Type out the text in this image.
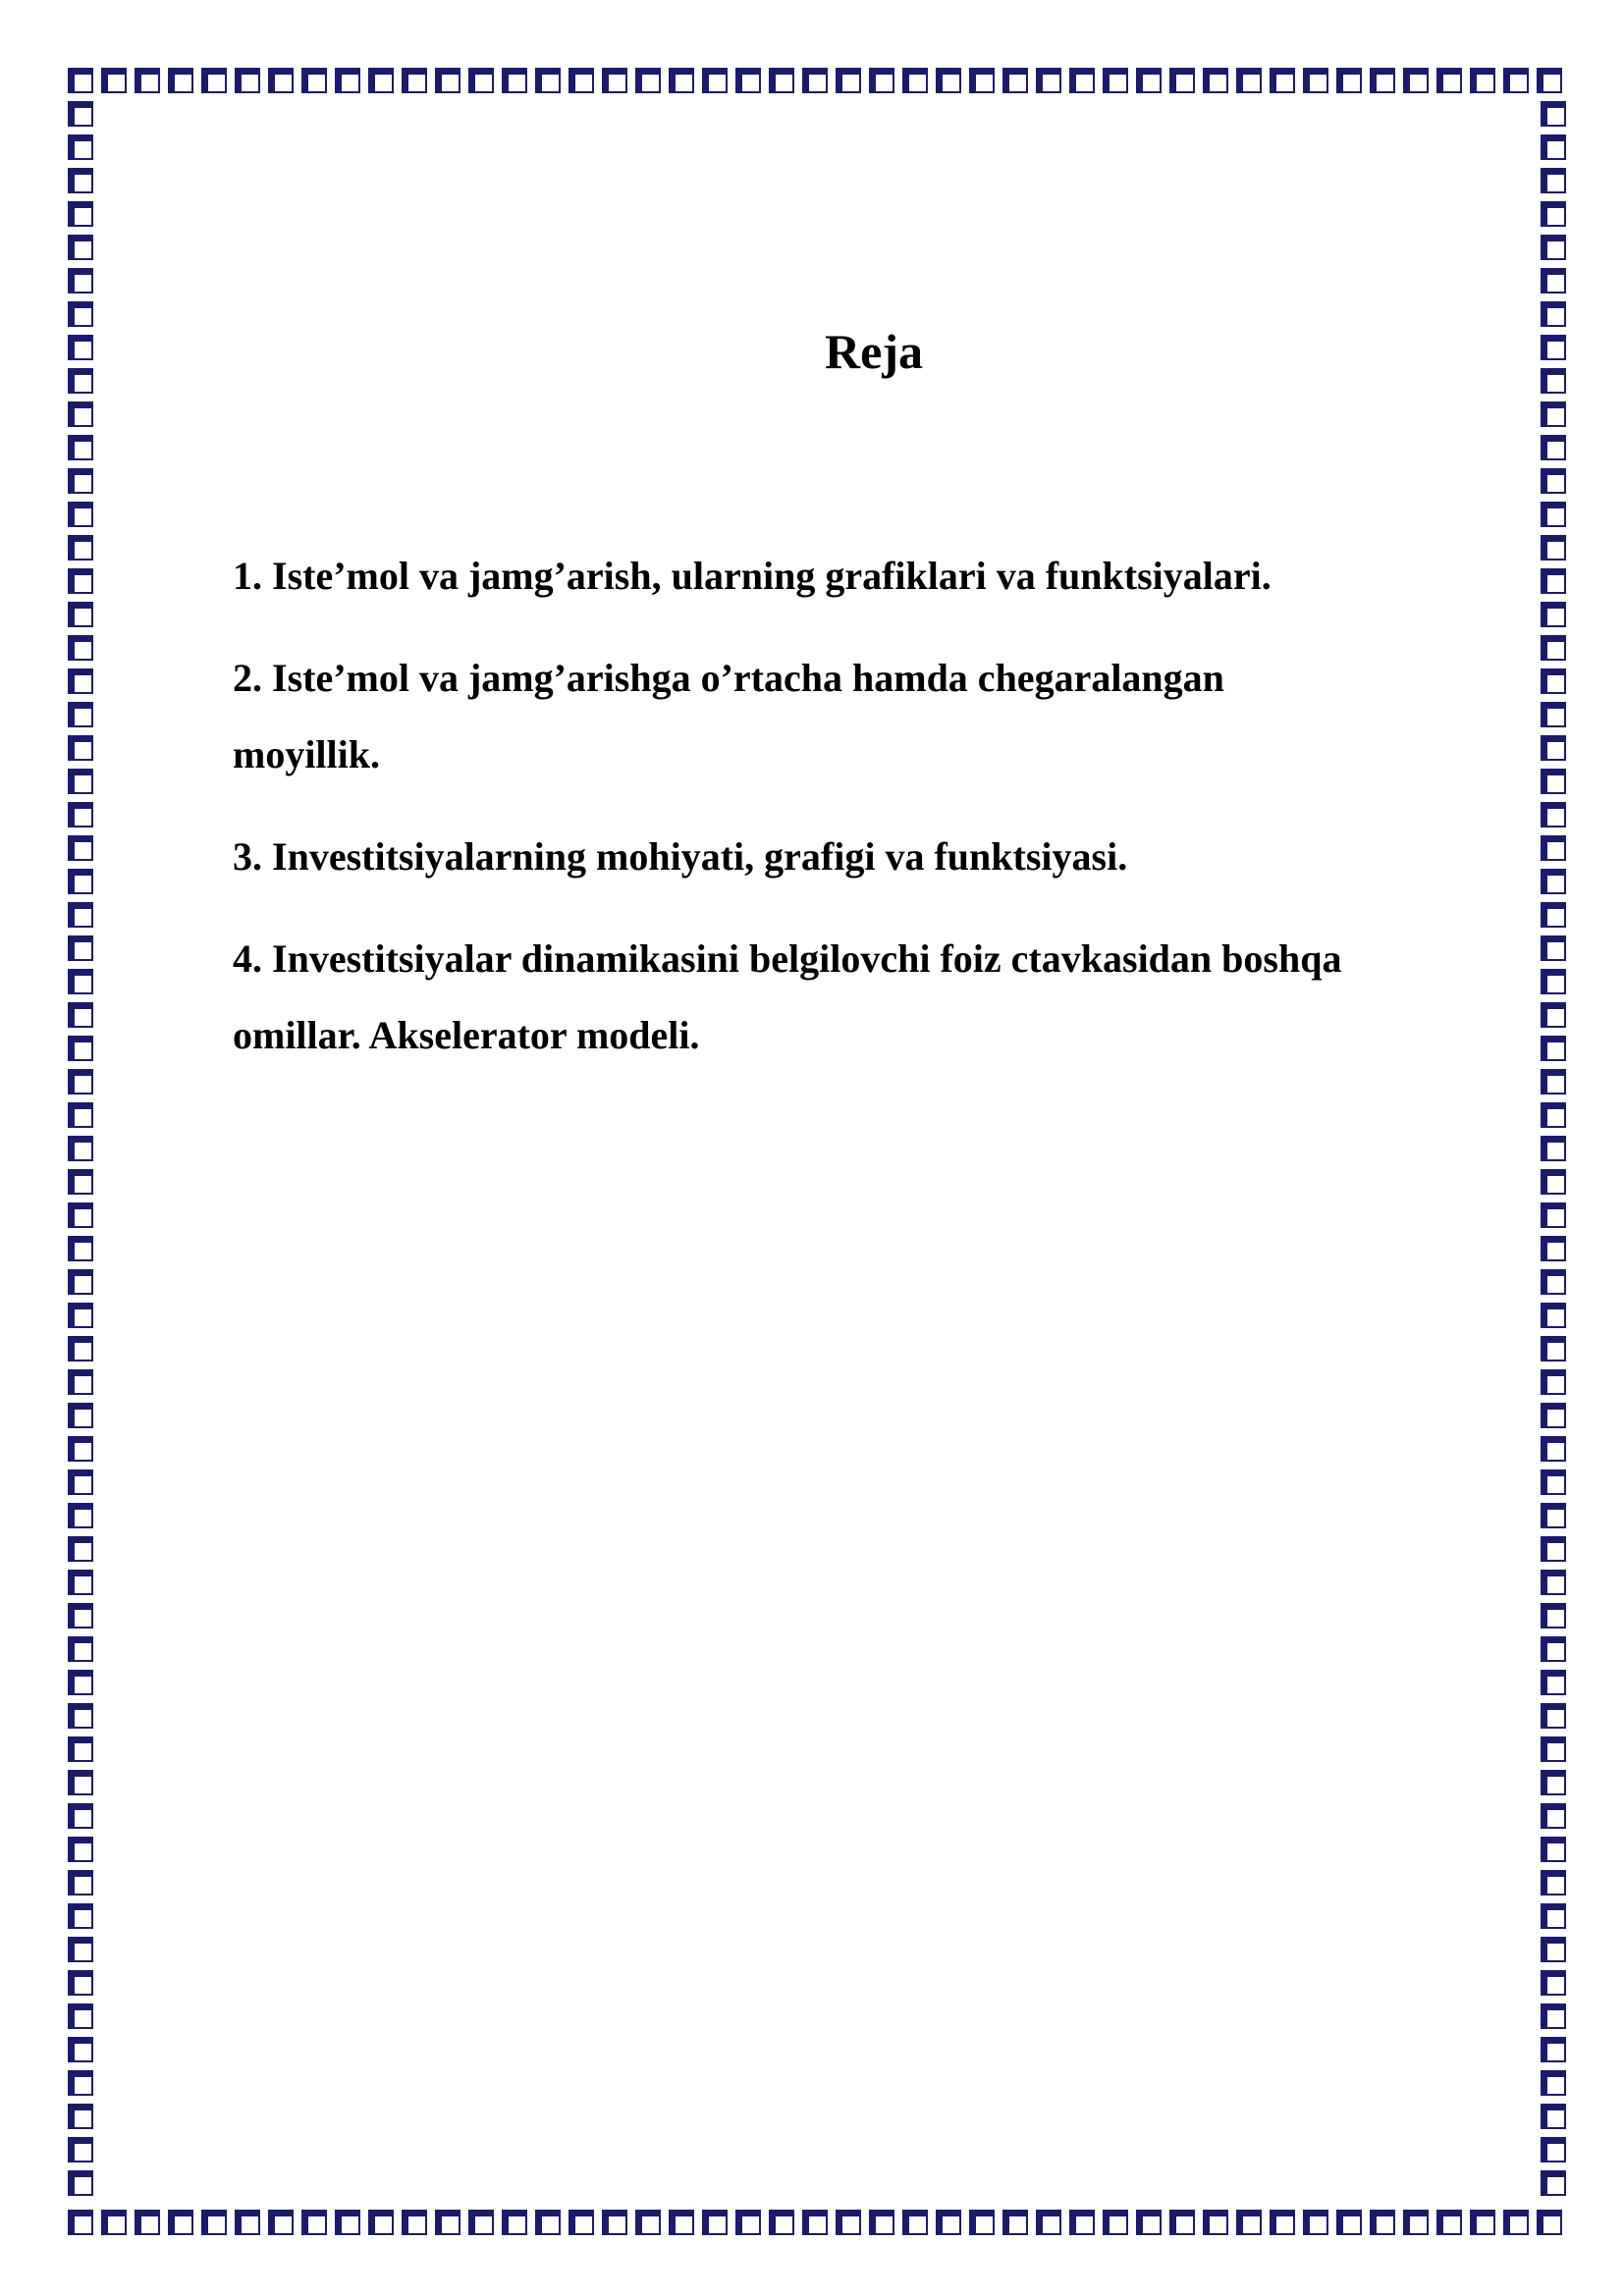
Reja
1. Iste’mol va jamg’arish, ularning grafiklari va funktsiyalari.
2. Iste’mol va jamg’arishga o’rtacha hamda chegaralangan
moyillik.
3. Investitsiyalarning mohiyati, grafigi va funktsiyasi.
4. Investitsiyalar dinamikasini belgilovchi foiz ctavkasidan boshqa
omillar. Akselerator modeli.
